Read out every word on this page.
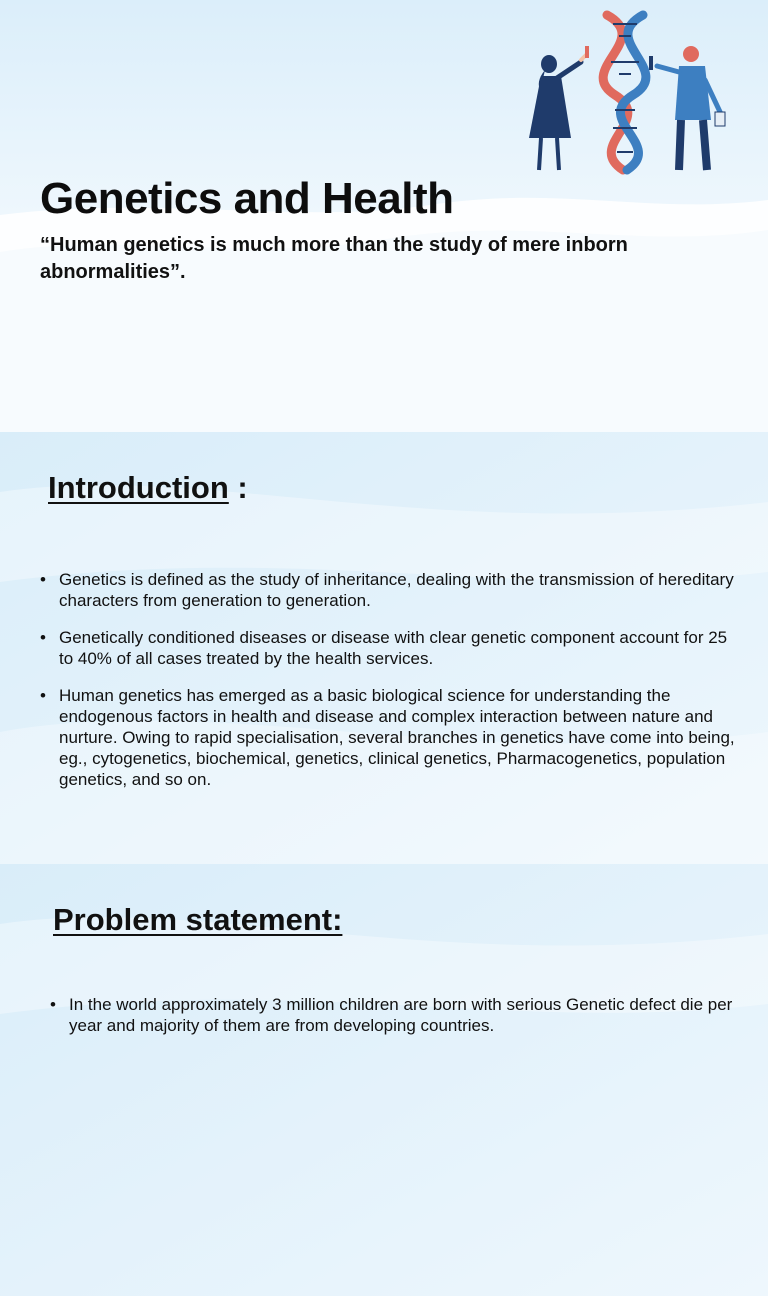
Genetics and Health

“Human genetics is much more than the study of mere inborn abnormalities”.

Introduction :
• Genetics is defined as the study of inheritance, dealing with the transmission of hereditary characters from generation to generation.
• Genetically conditioned diseases or disease with clear genetic component account for 25 to 40% of all cases treated by the health services.
• Human genetics has emerged as a basic biological science for understanding the endogenous factors in health and disease and complex interaction between nature and nurture. Owing to rapid specialisation, several branches in genetics have come into being, eg., cytogenetics, biochemical, genetics, clinical genetics, Pharmacogenetics, population genetics, and so on.
Problem statement:
• In the world approximately 3 million children are born with serious Genetic defect die per year and majority of them are from developing countries.
